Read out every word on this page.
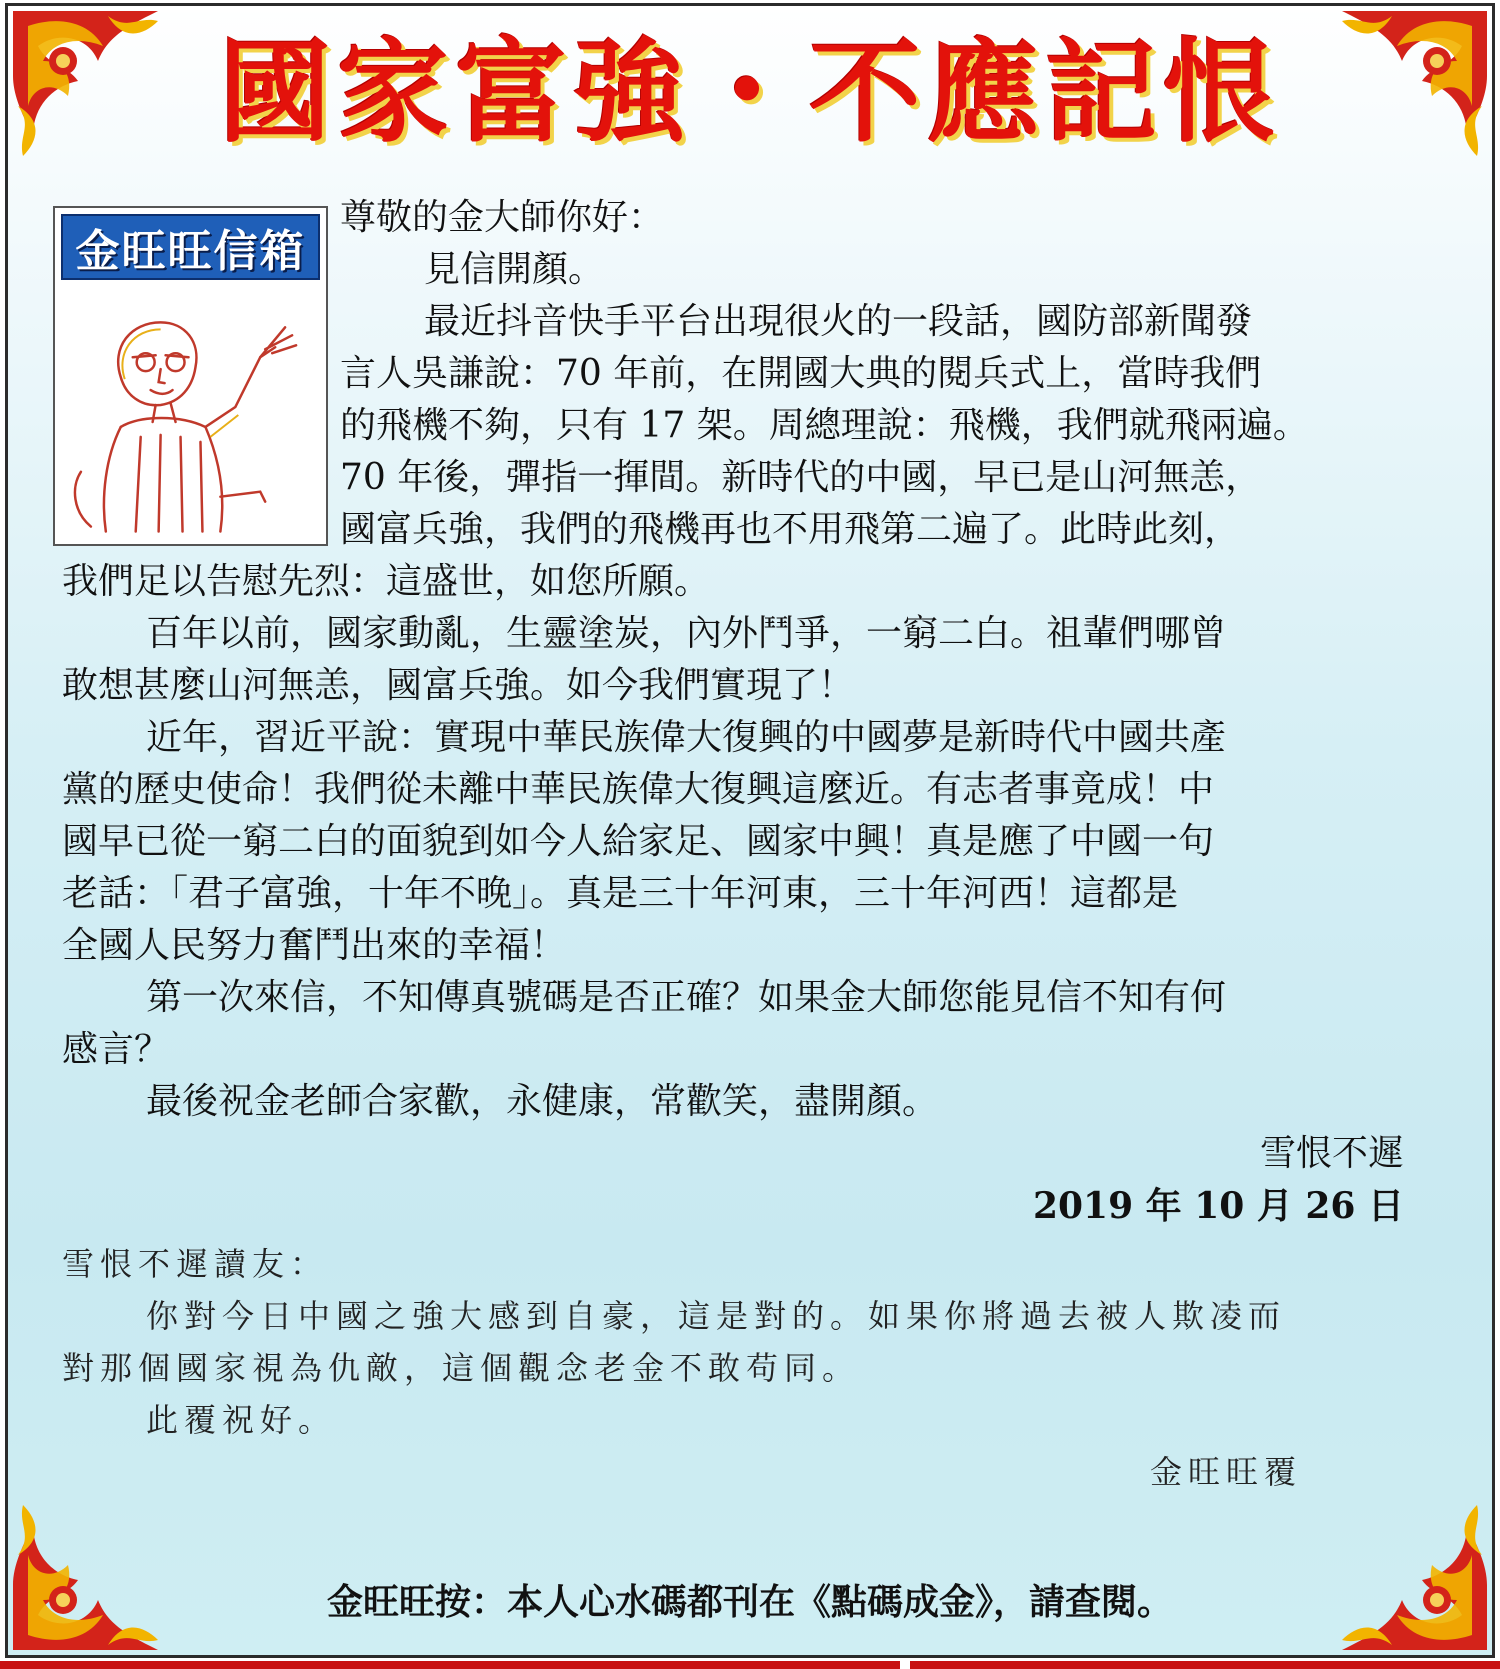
國家富強・不應記恨
金旺旺信箱
尊敬的金大師你好：
見信開顏。
最近抖音快手平台出現很火的一段話，國防部新聞發
言人吳謙說：70 年前，在開國大典的閱兵式上，當時我們
的飛機不夠，只有 17 架。周總理說：飛機，我們就飛兩遍。
70 年後，彈指一揮間。新時代的中國，早已是山河無恙，
國富兵強，我們的飛機再也不用飛第二遍了。此時此刻，
我們足以告慰先烈：這盛世，如您所願。
百年以前，國家動亂，生靈塗炭，內外鬥爭，一窮二白。祖輩們哪曾
敢想甚麼山河無恙，國富兵強。如今我們實現了！
近年，習近平說：實現中華民族偉大復興的中國夢是新時代中國共產
黨的歷史使命！我們從未離中華民族偉大復興這麼近。有志者事竟成！中
國早已從一窮二白的面貌到如今人給家足、國家中興！真是應了中國一句
老話：「君子富強，十年不晚」。真是三十年河東，三十年河西！這都是
全國人民努力奮鬥出來的幸福！
第一次來信，不知傳真號碼是否正確？如果金大師您能見信不知有何
感言？
最後祝金老師合家歡，永健康，常歡笑，盡開顏。
雪恨不遲
2019 年 10 月 26 日
雪恨不遲讀友：
你對今日中國之強大感到自豪，這是對的。如果你將過去被人欺凌而
對那個國家視為仇敵，這個觀念老金不敢苟同。
此覆祝好。
金旺旺覆
金旺旺按：本人心水碼都刊在《點碼成金》，請查閱。
